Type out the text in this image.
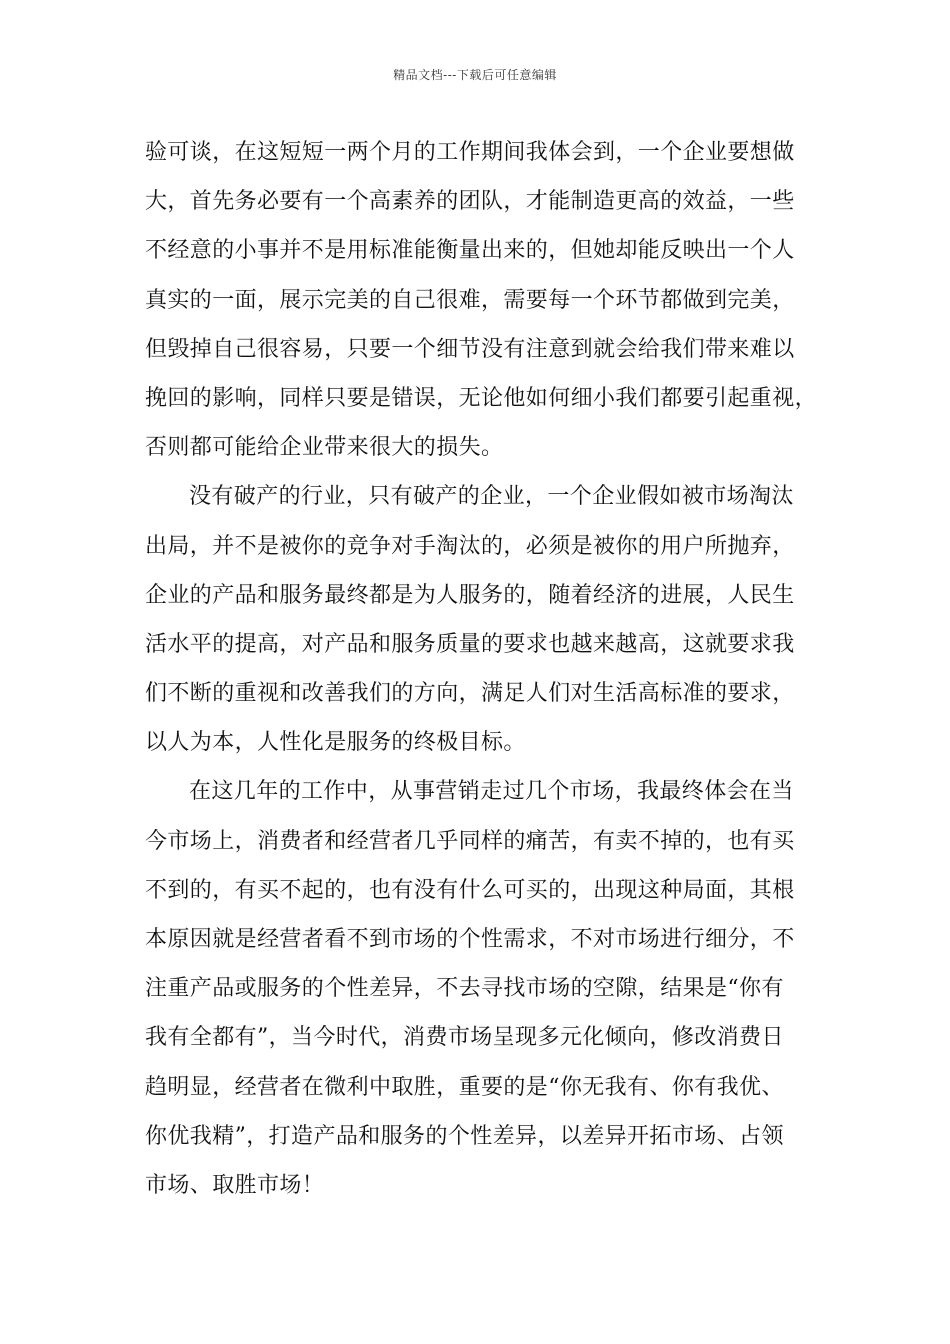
精品文档---下载后可任意编辑
验可谈，在这短短一两个月的工作期间我体会到，一个企业要想做
大，首先务必要有一个高素养的团队，才能制造更高的效益，一些
不经意的小事并不是用标准能衡量出来的，但她却能反映出一个人
真实的一面，展示完美的自己很难，需要每一个环节都做到完美，
但毁掉自己很容易，只要一个细节没有注意到就会给我们带来难以
挽回的影响，同样只要是错误，无论他如何细小我们都要引起重视，
否则都可能给企业带来很大的损失。
没有破产的行业，只有破产的企业，一个企业假如被市场淘汰
出局，并不是被你的竞争对手淘汰的，必须是被你的用户所抛弃，
企业的产品和服务最终都是为人服务的，随着经济的进展，人民生
活水平的提高，对产品和服务质量的要求也越来越高，这就要求我
们不断的重视和改善我们的方向，满足人们对生活高标准的要求，
以人为本，人性化是服务的终极目标。
在这几年的工作中，从事营销走过几个市场，我最终体会在当
今市场上，消费者和经营者几乎同样的痛苦，有卖不掉的，也有买
不到的，有买不起的，也有没有什么可买的，出现这种局面，其根
本原因就是经营者看不到市场的个性需求，不对市场进行细分，不
注重产品或服务的个性差异，不去寻找市场的空隙，结果是“你有
我有全都有”，当今时代，消费市场呈现多元化倾向，修改消费日
趋明显，经营者在微利中取胜，重要的是“你无我有、你有我优、
你优我精”，打造产品和服务的个性差异，以差异开拓市场、占领
市场、取胜市场！
